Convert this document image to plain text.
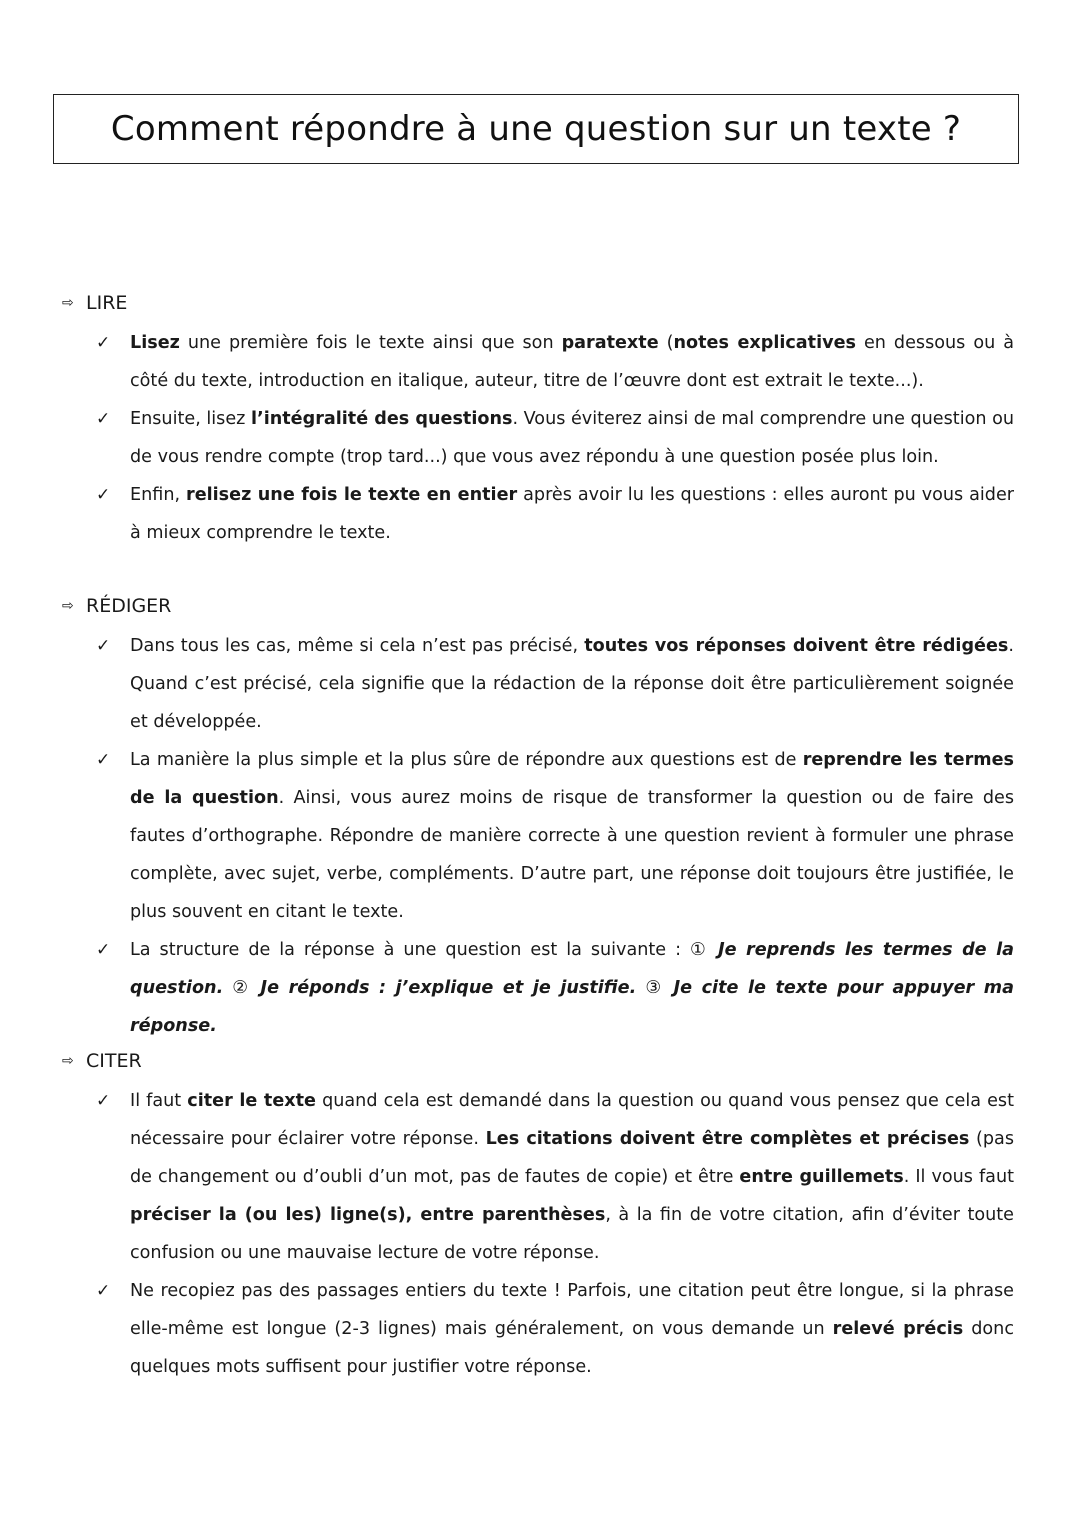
Comment répondre à une question sur un texte ?
⇨ LIRE
✓ Lisez une première fois le texte ainsi que son paratexte (notes explicatives en dessous ou à côté du texte, introduction en italique, auteur, titre de l’œuvre dont est extrait le texte...).
✓ Ensuite, lisez l’intégralité des questions. Vous éviterez ainsi de mal comprendre une question ou de vous rendre compte (trop tard...) que vous avez répondu à une question posée plus loin.
✓ Enfin, relisez une fois le texte en entier après avoir lu les questions : elles auront pu vous aider à mieux comprendre le texte.
⇨ RÉDIGER
✓ Dans tous les cas, même si cela n’est pas précisé, toutes vos réponses doivent être rédigées. Quand c’est précisé, cela signifie que la rédaction de la réponse doit être particulièrement soignée et développée.
✓ La manière la plus simple et la plus sûre de répondre aux questions est de reprendre les termes de la question. Ainsi, vous aurez moins de risque de transformer la question ou de faire des fautes d’orthographe. Répondre de manière correcte à une question revient à formuler une phrase complète, avec sujet, verbe, compléments. D’autre part, une réponse doit toujours être justifiée, le plus souvent en citant le texte.
✓ La structure de la réponse à une question est la suivante : ① Je reprends les termes de la question. ② Je réponds : j’explique et je justifie. ③ Je cite le texte pour appuyer ma réponse.
⇨ CITER
✓ Il faut citer le texte quand cela est demandé dans la question ou quand vous pensez que cela est nécessaire pour éclairer votre réponse. Les citations doivent être complètes et précises (pas de changement ou d’oubli d’un mot, pas de fautes de copie) et être entre guillemets. Il vous faut préciser la (ou les) ligne(s), entre parenthèses, à la fin de votre citation, afin d’éviter toute confusion ou une mauvaise lecture de votre réponse.
✓ Ne recopiez pas des passages entiers du texte ! Parfois, une citation peut être longue, si la phrase elle-même est longue (2-3 lignes) mais généralement, on vous demande un relevé précis donc quelques mots suffisent pour justifier votre réponse.
